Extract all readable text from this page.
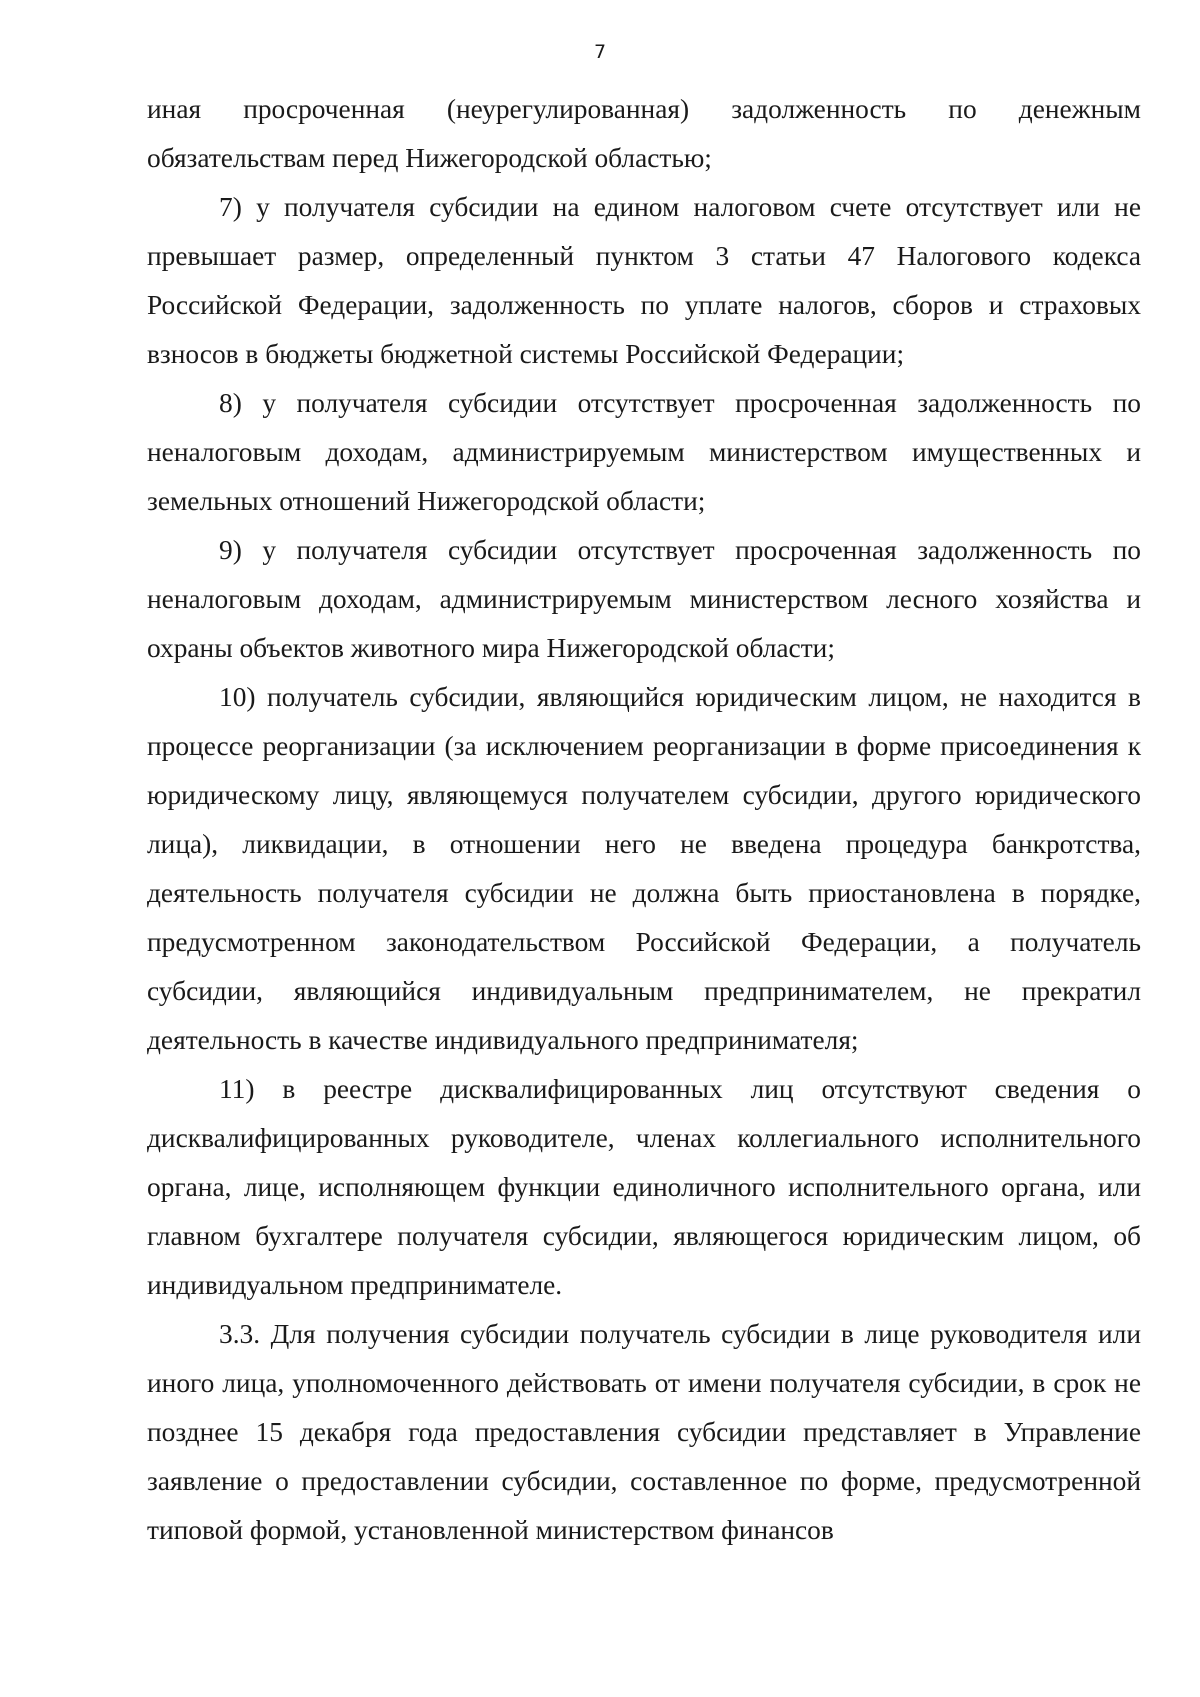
7

иная просроченная (неурегулированная) задолженность по денежным обязательствам перед Нижегородской областью;

7) у получателя субсидии на едином налоговом счете отсутствует или не превышает размер, определенный пунктом 3 статьи 47 Налогового кодекса Российской Федерации, задолженность по уплате налогов, сборов и страховых взносов в бюджеты бюджетной системы Российской Федерации;

8) у получателя субсидии отсутствует просроченная задолженность по неналоговым доходам, администрируемым министерством имущественных и земельных отношений Нижегородской области;

9) у получателя субсидии отсутствует просроченная задолженность по неналоговым доходам, администрируемым министерством лесного хозяйства и охраны объектов животного мира Нижегородской области;

10) получатель субсидии, являющийся юридическим лицом, не находится в процессе реорганизации (за исключением реорганизации в форме присоединения к юридическому лицу, являющемуся получателем субсидии, другого юридического лица), ликвидации, в отношении него не введена процедура банкротства, деятельность получателя субсидии не должна быть приостановлена в порядке, предусмотренном законодательством Российской Федерации, а получатель субсидии, являющийся индивидуальным предпринимателем, не прекратил деятельность в качестве индивидуального предпринимателя;

11) в реестре дисквалифицированных лиц отсутствуют сведения о дисквалифицированных руководителе, членах коллегиального исполнительного органа, лице, исполняющем функции единоличного исполнительного органа, или главном бухгалтере получателя субсидии, являющегося юридическим лицом, об индивидуальном предпринимателе.

3.3. Для получения субсидии получатель субсидии в лице руководителя или иного лица, уполномоченного действовать от имени получателя субсидии, в срок не позднее 15 декабря года предоставления субсидии представляет в Управление заявление о предоставлении субсидии, составленное по форме, предусмотренной типовой формой, установленной министерством финансов
